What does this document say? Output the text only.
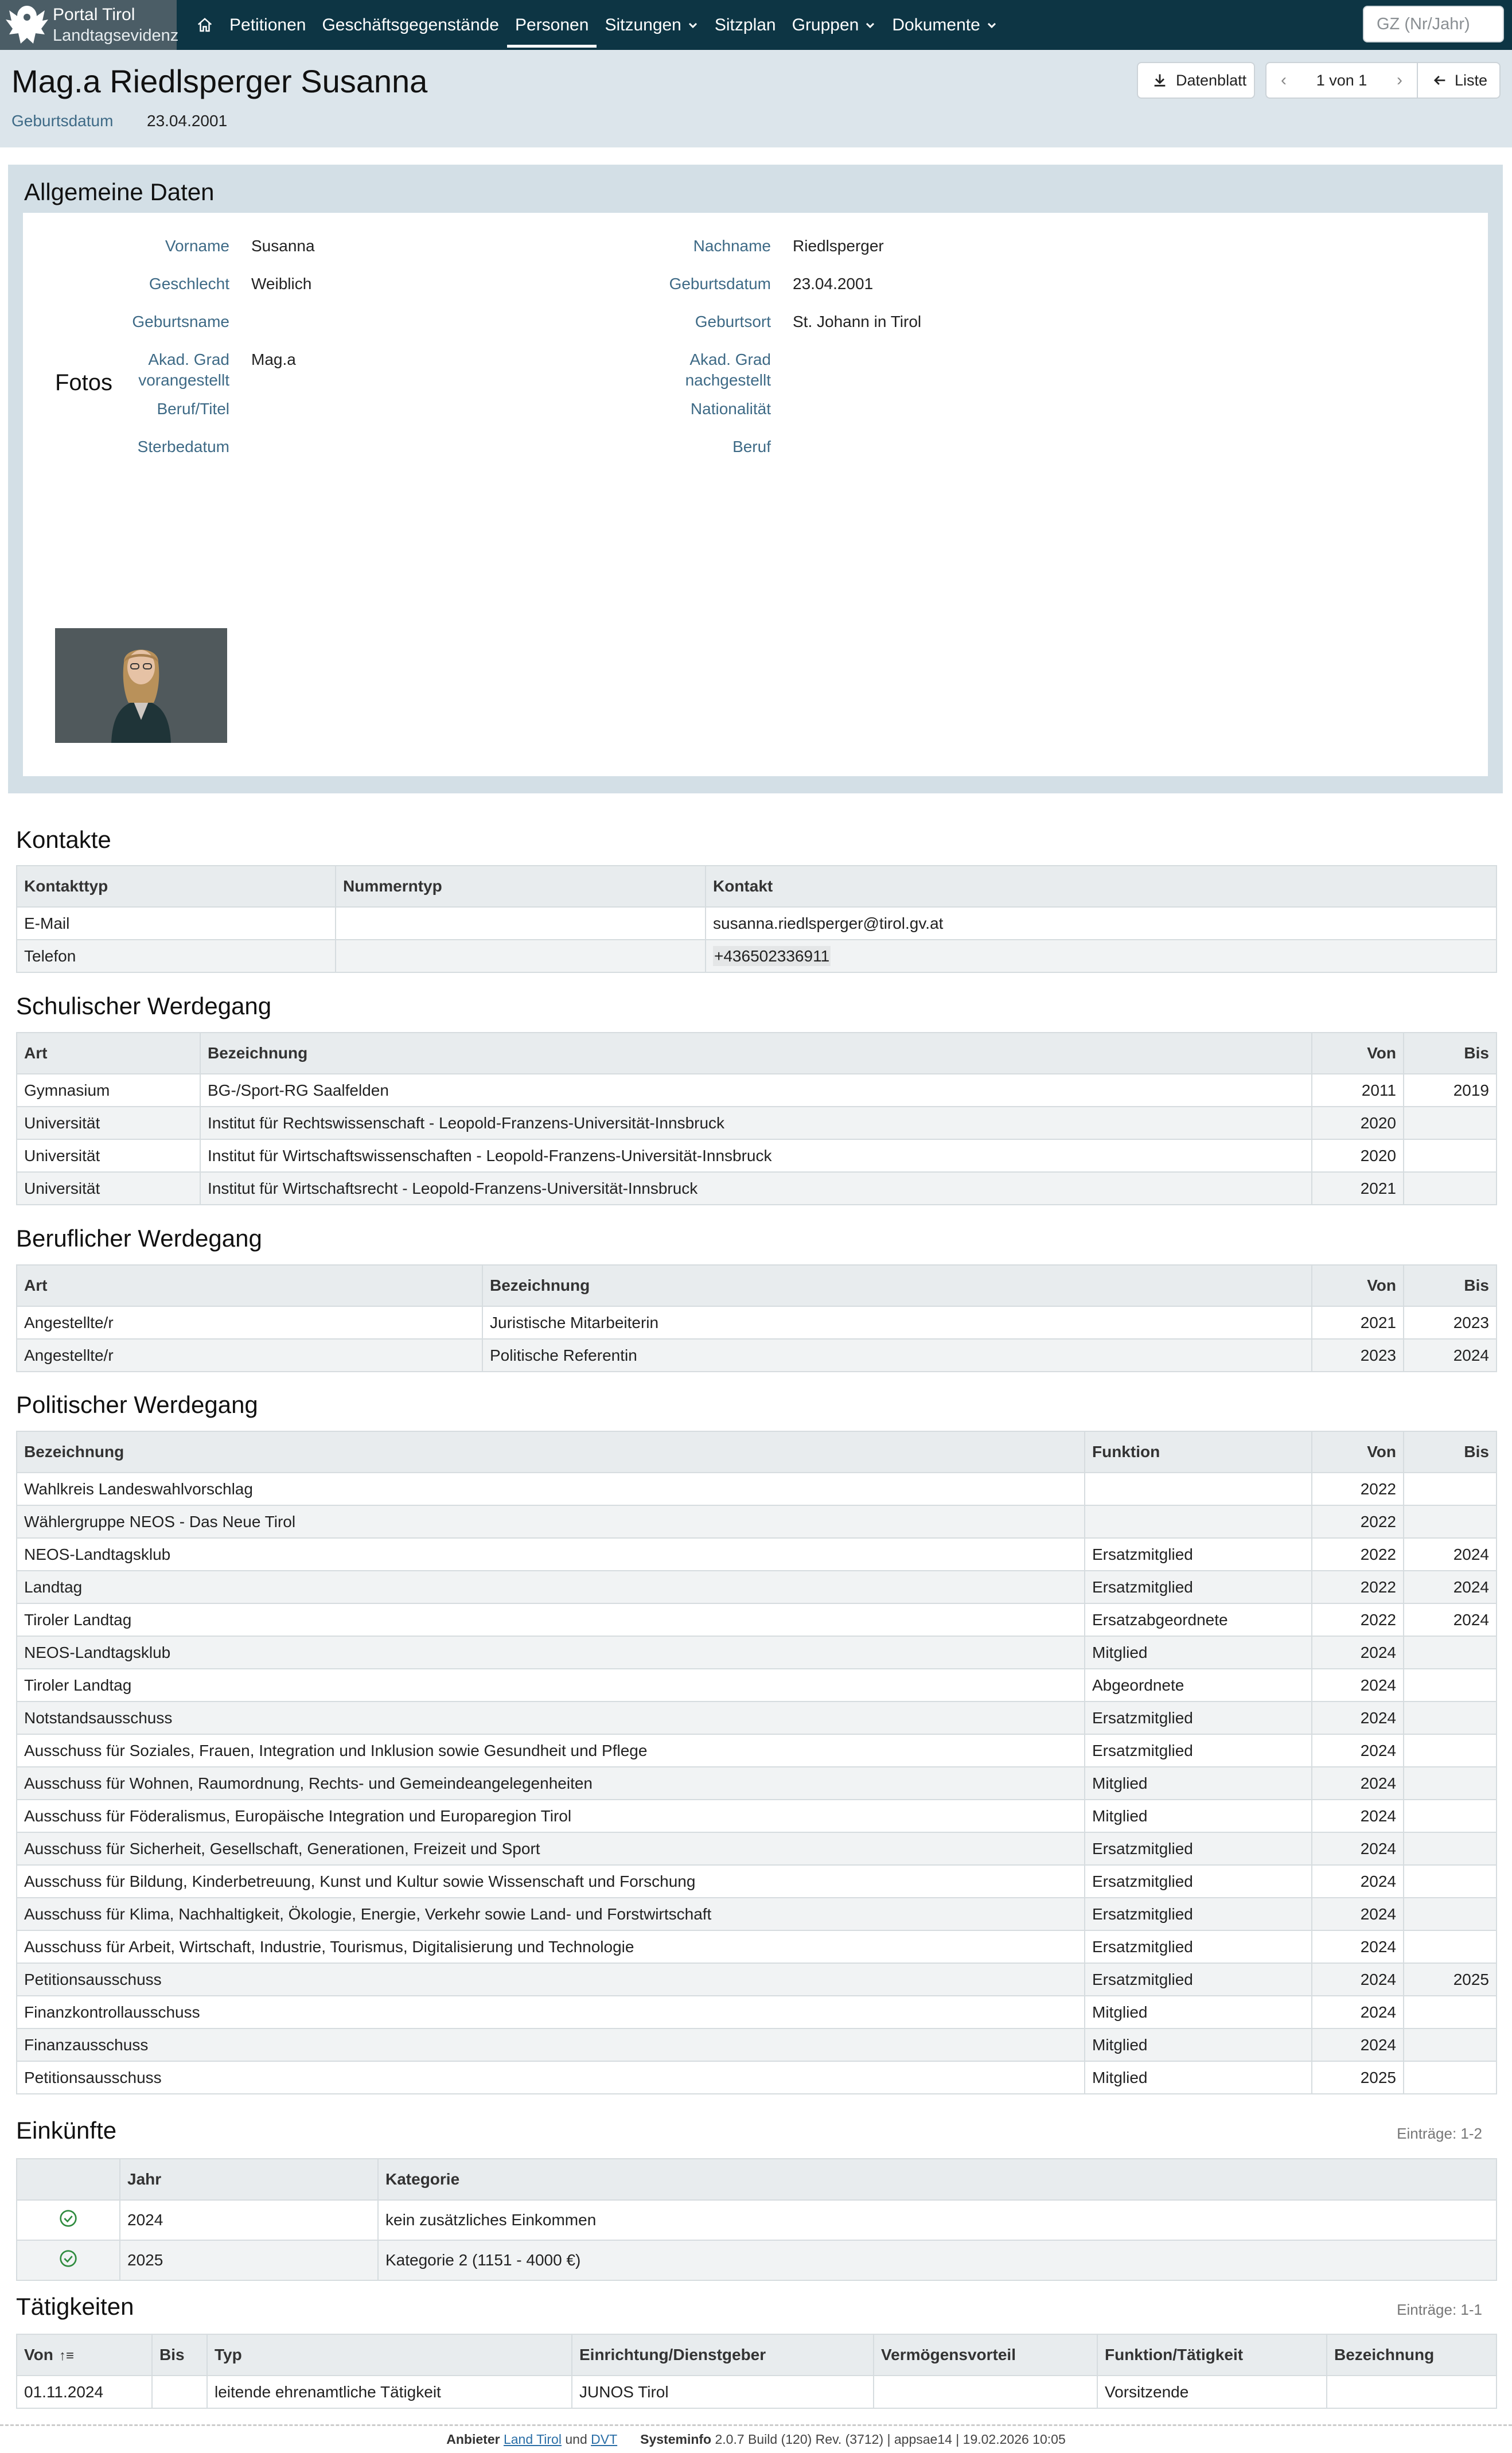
Portal Tirol
Landtagsevidenz
Petitionen Geschäftsgegenstände Personen Sitzungen Sitzplan Gruppen Dokumente	GZ (Nr/Jahr)
Mag.a Riedlsperger Susanna
Geburtsdatum 23.04.2001
Datenblatt	‹	1 von 1	›	Liste
Allgemeine Daten
Fotos
Vorname Susanna
Geschlecht Weiblich
Geburtsname
Akad. Grad vorangestellt
Mag.a
Beruf/Titel
Sterbedatum
Nachname Riedlsperger
Geburtsdatum 23.04.2001
Geburtsort St. Johann in Tirol
Akad. Grad nachgestellt
Nationalität
Beruf
Kontakte
Kontakttyp	Nummerntyp	Kontakt
E-Mail		susanna.riedlsperger@tirol.gv.at
Telefon		+436502336911
Schulischer Werdegang
Art	Bezeichnung	Von	Bis
Gymnasium	BG-/Sport-RG Saalfelden	2011	2019
Universität	Institut für Rechtswissenschaft - Leopold-Franzens-Universität-Innsbruck	2020	
Universität	Institut für Wirtschaftswissenschaften - Leopold-Franzens-Universität-Innsbruck	2020	
Universität	Institut für Wirtschaftsrecht - Leopold-Franzens-Universität-Innsbruck	2021	
Beruflicher Werdegang
Art	Bezeichnung	Von	Bis
Angestellte/r	Juristische Mitarbeiterin	2021	2023
Angestellte/r	Politische Referentin	2023	2024
Politischer Werdegang
Bezeichnung	Funktion	Von	Bis
Wahlkreis Landeswahlvorschlag		2022	
Wählergruppe NEOS - Das Neue Tirol		2022	
NEOS-Landtagsklub	Ersatzmitglied	2022	2024
Landtag	Ersatzmitglied	2022	2024
Tiroler Landtag	Ersatzabgeordnete	2022	2024
NEOS-Landtagsklub	Mitglied	2024	
Tiroler Landtag	Abgeordnete	2024	
Notstandsausschuss	Ersatzmitglied	2024	
Ausschuss für Soziales, Frauen, Integration und Inklusion sowie Gesundheit und Pflege	Ersatzmitglied	2024	
Ausschuss für Wohnen, Raumordnung, Rechts- und Gemeindeangelegenheiten	Mitglied	2024	
Ausschuss für Föderalismus, Europäische Integration und Europaregion Tirol	Mitglied	2024	
Ausschuss für Sicherheit, Gesellschaft, Generationen, Freizeit und Sport	Ersatzmitglied	2024	
Ausschuss für Bildung, Kinderbetreuung, Kunst und Kultur sowie Wissenschaft und Forschung	Ersatzmitglied	2024	
Ausschuss für Klima, Nachhaltigkeit, Ökologie, Energie, Verkehr sowie Land- und Forstwirtschaft	Ersatzmitglied	2024	
Ausschuss für Arbeit, Wirtschaft, Industrie, Tourismus, Digitalisierung und Technologie	Ersatzmitglied	2024	
Petitionsausschuss	Ersatzmitglied	2024	2025
Finanzkontrollausschuss	Mitglied	2024	
Finanzausschuss	Mitglied	2024	
Petitionsausschuss	Mitglied	2025	
Einkünfte	Einträge: 1-2
	Jahr	Kategorie
	2024	kein zusätzliches Einkommen
	2025	Kategorie 2 (1151 - 4000 €)
Tätigkeiten	Einträge: 1-1
Von ↑≡	Bis	Typ	Einrichtung/Dienstgeber	Vermögensvorteil	Funktion/Tätigkeit	Bezeichnung
01.11.2024		leitende ehrenamtliche Tätigkeit	JUNOS Tirol		Vorsitzende	
Anbieter
Land Tirol
und
DVT Systeminfo
2.0.7 Build (120) Rev. (3712) | appsae14 | 19.02.2026 10:05
